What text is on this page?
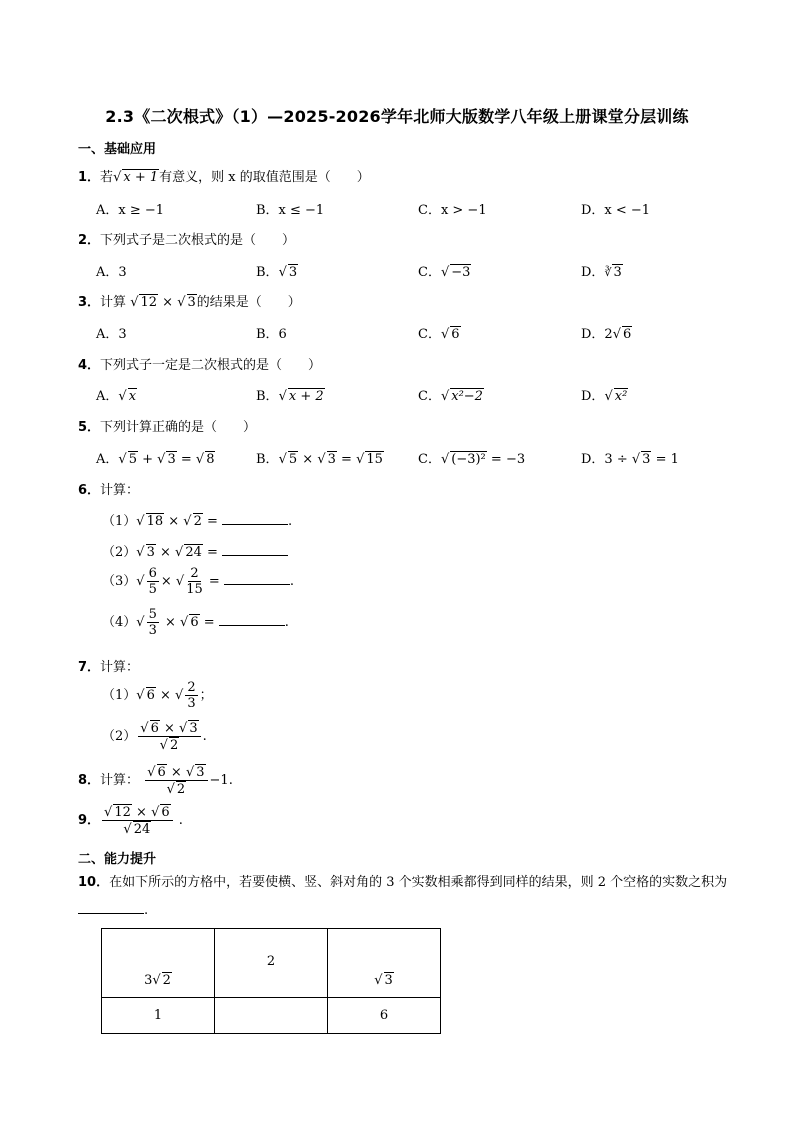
2.3《二次根式》（1）—2025-2026学年北师大版数学八年级上册课堂分层训练
一、基础应用
1．若√ x + 1有意义，则 x 的取值范围是（　　）
A．x ≥ −1	B．x ≤ −1	C．x > −1	D．x < −1
2．下列式子是二次根式的是（　　）
A．3	B．√ 3	C．√ −3	D．∛ 3
3．计算 √ 12 × √ 3的结果是（　　）
A．3	B．6	C．√ 6	D．2√ 6
4．下列式子一定是二次根式的是（　　）
A．√ x	B．√ x + 2	C．√ x²−2	D．√ x²
5．下列计算正确的是（　　）
A．√ 5 + √ 3 = √ 8	B．√ 5 × √ 3 = √ 15	C．√ (−3)² = −3	D．3 ÷ √ 3 = 1
6．计算：
（1）√ 18 × √ 2 =	.
（2）√ 3 × √ 24 =
$(3)√ \frac{6}{5}$ × √ $\frac{2}{15}$ =	.
$(4)√ \frac{5}{3}$ × √ 6 =	.
7．计算：
（1）√ 6 × √ $\frac{2}{3}$ ；
$(2) \frac{√ 6 \times √ 3}{√ 2}$ .
8．计算： $\frac{√ 6 \times √ 3}{√ 2} -1$.
9． $\frac{√ 12 \times √ 6}{√ 24}$ .
二、能力提升
10．在如下所示的方格中，若要使横、竖、斜对角的 3 个实数相乘都得到同样的结果，则 2 个空格的实数之积为.
3 √ 2	2	√ 3

1		6
